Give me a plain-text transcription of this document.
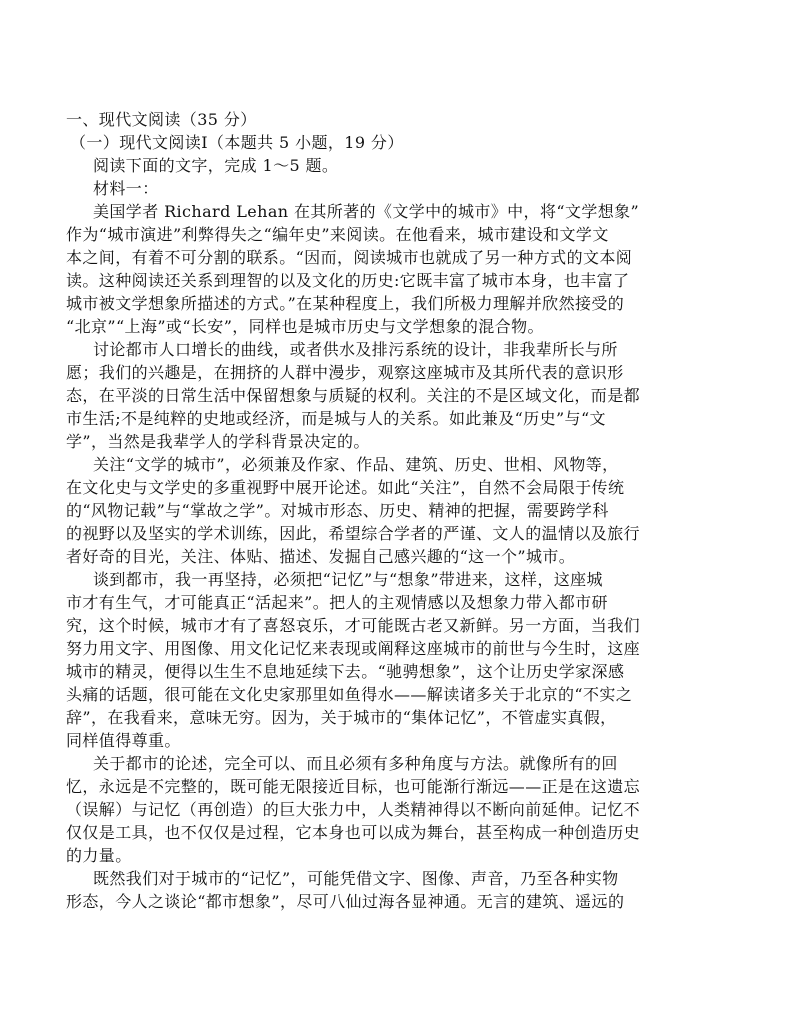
一、现代文阅读（35 分）
（一）现代文阅读Ⅰ（本题共 5 小题，19 分）
阅读下面的文字，完成 1～5 题。
材料一：
美国学者 Richard Lehan 在其所著的《文学中的城市》中，将“文学想象”
作为“城市演进”利弊得失之“编年史”来阅读。在他看来，城市建设和文学文
本之间，有着不可分割的联系。“因而，阅读城市也就成了另一种方式的文本阅
读。这种阅读还关系到理智的以及文化的历史:它既丰富了城市本身，也丰富了
城市被文学想象所描述的方式。”在某种程度上，我们所极力理解并欣然接受的
“北京”“上海”或“长安”，同样也是城市历史与文学想象的混合物。
讨论都市人口增长的曲线，或者供水及排污系统的设计，非我辈所长与所
愿；我们的兴趣是，在拥挤的人群中漫步，观察这座城市及其所代表的意识形
态，在平淡的日常生活中保留想象与质疑的权利。关注的不是区域文化，而是都
市生活;不是纯粹的史地或经济，而是城与人的关系。如此兼及“历史”与“文
学”，当然是我辈学人的学科背景决定的。
关注“文学的城市”，必须兼及作家、作品、建筑、历史、世相、风物等，
在文化史与文学史的多重视野中展开论述。如此“关注”，自然不会局限于传统
的“风物记载”与“掌故之学”。对城市形态、历史、精神的把握，需要跨学科
的视野以及坚实的学术训练，因此，希望综合学者的严谨、文人的温情以及旅行
者好奇的目光，关注、体贴、描述、发掘自己感兴趣的“这一个”城市。
谈到都市，我一再坚持，必须把“记忆”与“想象”带进来，这样，这座城
市才有生气，才可能真正“活起来”。把人的主观情感以及想象力带入都市研
究，这个时候，城市才有了喜怒哀乐，才可能既古老又新鲜。另一方面，当我们
努力用文字、用图像、用文化记忆来表现或阐释这座城市的前世与今生时，这座
城市的精灵，便得以生生不息地延续下去。“驰骋想象”，这个让历史学家深感
头痛的话题，很可能在文化史家那里如鱼得水——解读诸多关于北京的“不实之
辞”，在我看来，意味无穷。因为，关于城市的“集体记忆”，不管虚实真假，
同样值得尊重。
关于都市的论述，完全可以、而且必须有多种角度与方法。就像所有的回
忆，永远是不完整的，既可能无限接近目标，也可能渐行渐远——正是在这遗忘
（误解）与记忆（再创造）的巨大张力中，人类精神得以不断向前延伸。记忆不
仅仅是工具，也不仅仅是过程，它本身也可以成为舞台，甚至构成一种创造历史
的力量。
既然我们对于城市的“记忆”，可能凭借文字、图像、声音，乃至各种实物
形态，今人之谈论“都市想象”，尽可八仙过海各显神通。无言的建筑、遥远的
